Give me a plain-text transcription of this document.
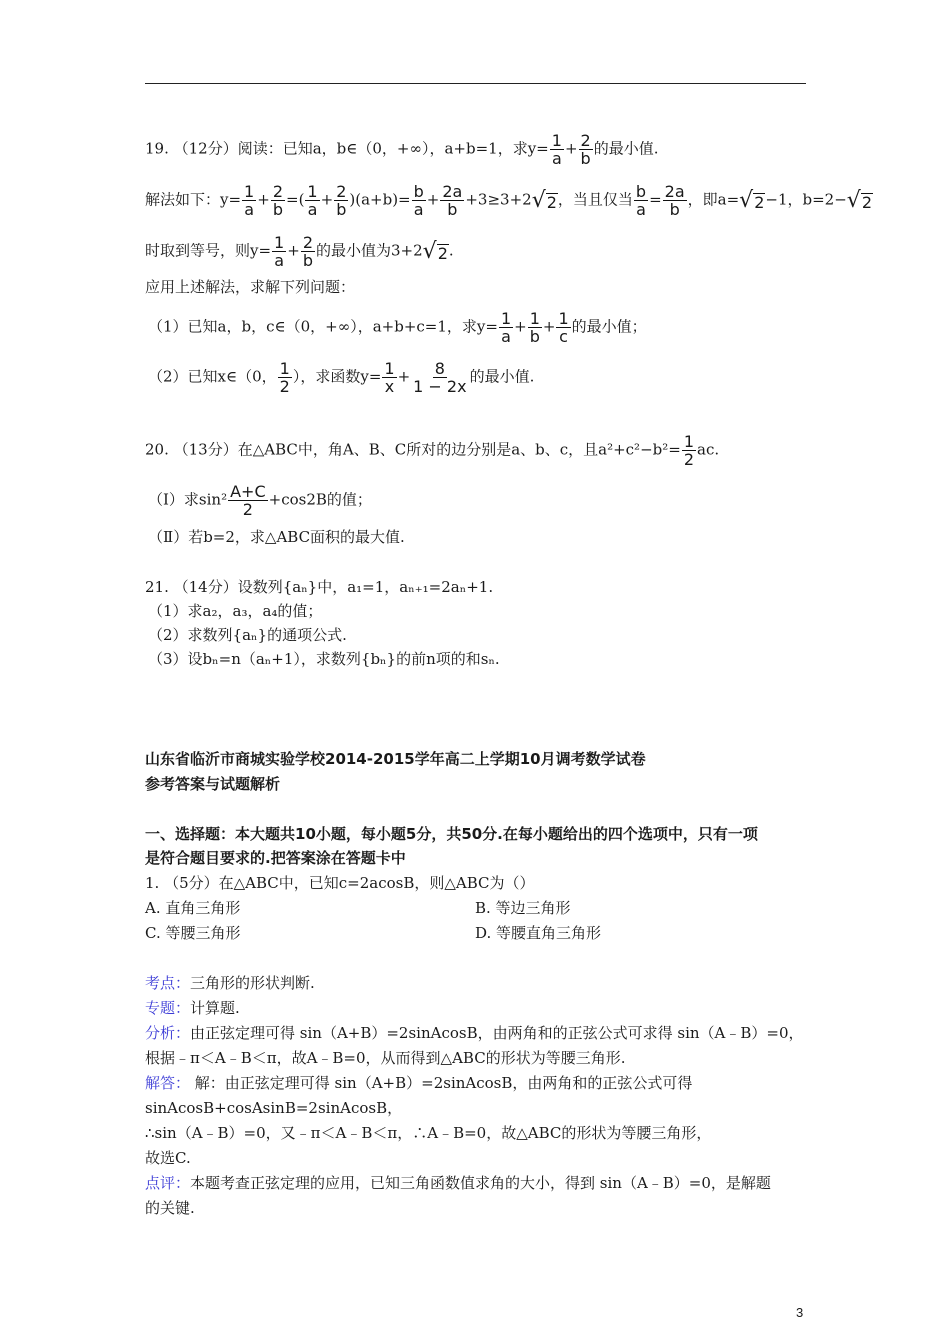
19. （12分）阅读：已知a，b∈（0，+∞），a+b=1，求$y= \frac{1}{a} + \frac{2}{b}$ 的最小值.
解法如下：$y= \frac{1}{a} + \frac{2}{b}$ =( $\frac{1}{a} + \frac{2}{b} )(a+b)= \frac{b}{a} + \frac{2a}{b} +3\ge 3+2$ √ 2 ，当且仅当 $\frac{b}{a} = \frac{2a}{b}$ ，即a= √ 2 −1，b=2− √ 2
时取到等号，则$y= \frac{1}{a} + \frac{2}{b}$ 的最小值为3+2 √ 2 .
应用上述解法，求解下列问题：
（1）已知a，b，c∈（0，+∞），a+b+c=1，求$y= \frac{1}{a} + \frac{1}{b} + \frac{1}{c}$ 的最小值；
（2）已知x∈（0， $\frac{1}{2}$ ），求函数$y= \frac{1}{x} + \frac{8}{1 - 2x}$ 的最小值.
20. （13分）在△ABC中，角A、B、C所对的边分别是a、b、c，且$a^2+c^2-b^2= \frac{1}{2}$ ac.
（Ⅰ）求$\sin^2 \frac{A+C}{2} +\cos 2B$的值；
（Ⅱ）若b=2，求△ABC面积的最大值.
21. （14分）设数列{aₙ}中，a₁=1，aₙ₊₁=2aₙ+1.
（1）求a₂，a₃，a₄的值；
（2）求数列{aₙ}的通项公式.
（3）设bₙ=n（aₙ+1），求数列{bₙ}的前n项的和sₙ.
山东省临沂市商城实验学校2014-2015学年高二上学期10月调考数学试卷
参考答案与试题解析
一、选择题：本大题共10小题，每小题5分，共50分.在每小题给出的四个选项中，只有一项
是符合题目要求的.把答案涂在答题卡中
1. （5分）在△ABC中，已知c=2acosB，则△ABC为（）
A. 直角三角形	B. 等边三角形
C. 等腰三角形	D. 等腰直角三角形
考点：三角形的形状判断.
专题：计算题.
分析：由正弦定理可得 sin（A+B）=2sinAcosB，由两角和的正弦公式可求得 sin（A﹣B）=0，
根据﹣π＜A﹣B＜π，故A﹣B=0，从而得到△ABC的形状为等腰三角形.
解答： 解：由正弦定理可得 sin（A+B）=2sinAcosB，由两角和的正弦公式可得
sinAcosB+cosAsinB=2sinAcosB，
∴sin（A﹣B）=0，又﹣π＜A﹣B＜π，∴A﹣B=0，故△ABC的形状为等腰三角形，
故选C.
点评：本题考查正弦定理的应用，已知三角函数值求角的大小，得到 sin（A﹣B）=0，是解题
的关键.
3
